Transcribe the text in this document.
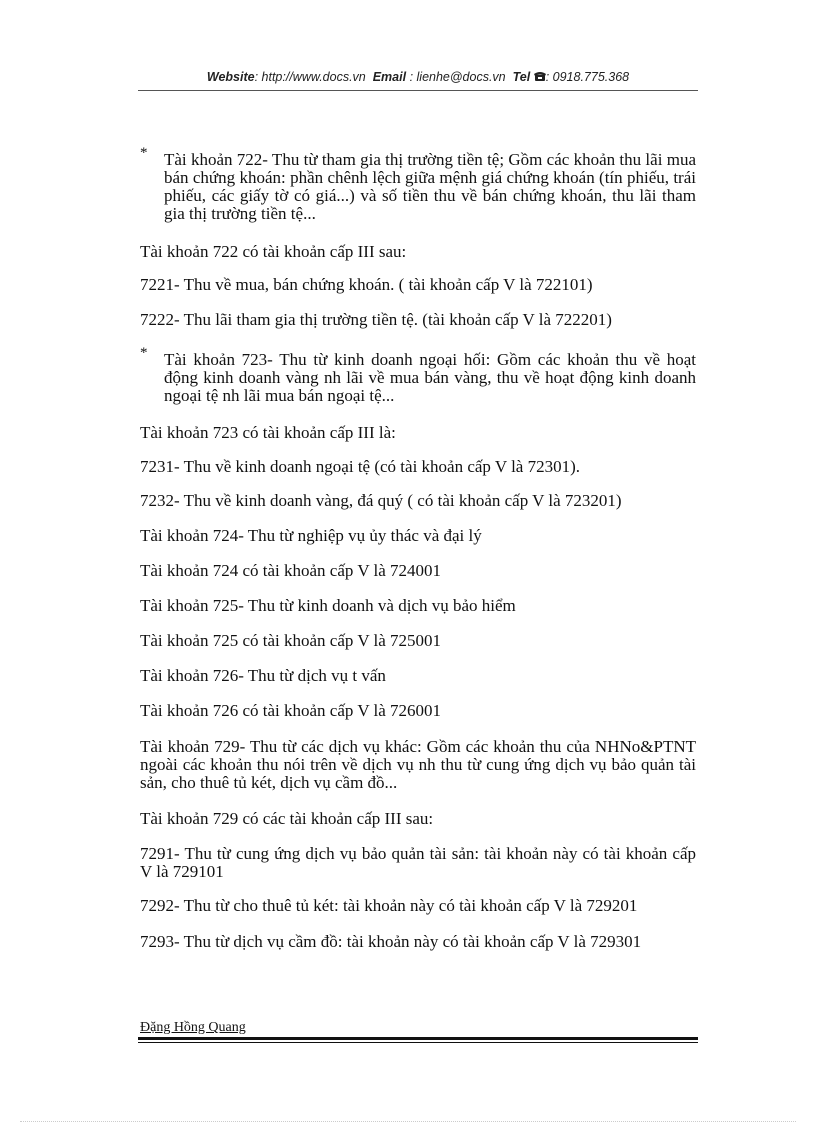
Website: http://www.docs.vn Email : lienhe@docs.vn Tel : 0918.775.368
* Tài khoản 722- Thu từ tham gia thị trường tiền tệ; Gồm các khoản thu lãi mua bán chứng khoán: phần chênh lệch giữa mệnh giá chứng khoán (tín phiếu, trái phiếu, các giấy tờ có giá...) và số tiền thu về bán chứng khoán, thu lãi tham gia thị trường tiền tệ...

Tài khoản 722 có tài khoản cấp III sau:

7221- Thu về mua, bán chứng khoán. ( tài khoản cấp V là 722101)

7222- Thu lãi tham gia thị trường tiền tệ. (tài khoản cấp V là 722201)

* Tài khoản 723- Thu từ kinh doanh ngoại hối: Gồm các khoản thu về hoạt động kinh doanh vàng nh lãi về mua bán vàng, thu về hoạt động kinh doanh ngoại tệ nh lãi mua bán ngoại tệ...

Tài khoản 723 có tài khoản cấp III là:

7231- Thu về kinh doanh ngoại tệ (có tài khoản cấp V là 72301).

7232- Thu về kinh doanh vàng, đá quý ( có tài khoản cấp V là 723201)

Tài khoản 724- Thu từ nghiệp vụ ủy thác và đại lý

Tài khoản 724 có tài khoản cấp V là 724001

Tài khoản 725- Thu từ kinh doanh và dịch vụ bảo hiểm

Tài khoản 725 có tài khoản cấp V là 725001

Tài khoản 726- Thu từ dịch vụ t vấn

Tài khoản 726 có tài khoản cấp V là 726001

Tài khoản 729- Thu từ các dịch vụ khác: Gồm các khoản thu của NHNo&PTNT ngoài các khoản thu nói trên về dịch vụ nh thu từ cung ứng dịch vụ bảo quản tài sản, cho thuê tủ két, dịch vụ cầm đồ...

Tài khoản 729 có các tài khoản cấp III sau:

7291- Thu từ cung ứng dịch vụ bảo quản tài sản: tài khoản này có tài khoản cấp V là 729101

7292- Thu từ cho thuê tủ két: tài khoản này có tài khoản cấp V là 729201

7293- Thu từ dịch vụ cầm đồ: tài khoản này có tài khoản cấp V là 729301

Đặng Hồng Quang
